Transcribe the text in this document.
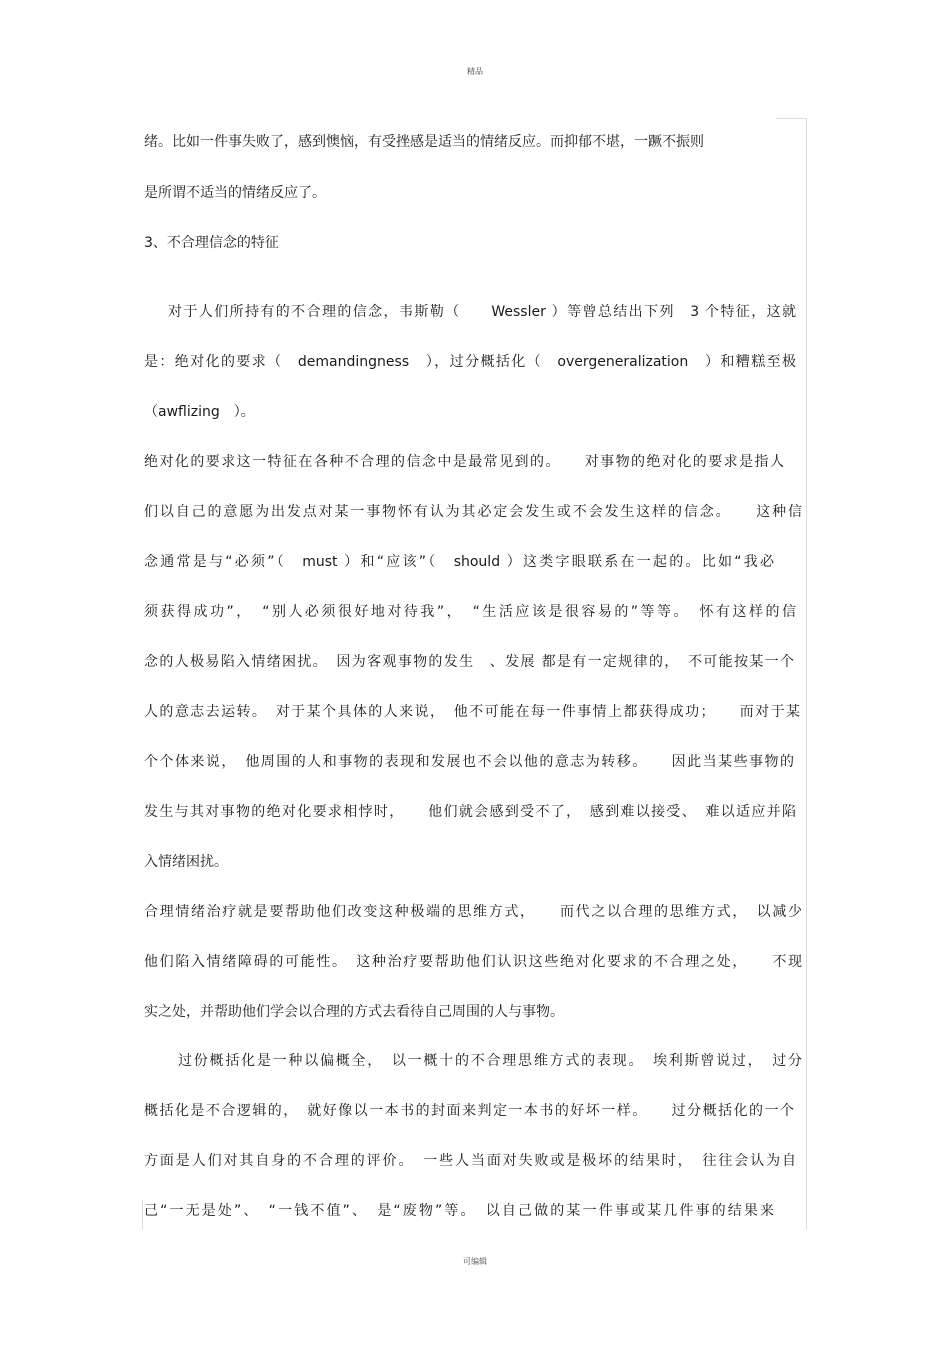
精品
绪。比如一件事失败了，感到懊恼，有受挫感是适当的情绪反应。而抑郁不堪，一蹶不振则
是所谓不适当的情绪反应了。
3、不合理信念的特征
对于人们所持有的不合理的信念，韦斯勒（　　Wessler ）等曾总结出下列　3 个特征，这就
是：绝对化的要求（　demandingness　），过分概括化（　overgeneralization　）和糟糕至极
（awflizing　）。
绝对化的要求这一特征在各种不合理的信念中是最常见到的。　　对事物的绝对化的要求是指人
们以自己的意愿为出发点对某一事物怀有认为其必定会发生或不会发生这样的信念。　　这种信
念通常是与“必须”（　must ）和“应该”（　should ）这类字眼联系在一起的。比如“我必
须获得成功”，　“别人必须很好地对待我”，　“生活应该是很容易的”等等。　怀有这样的信
念的人极易陷入情绪困扰。　因为客观事物的发生　、发展 都是有一定规律的，　不可能按某一个
人的意志去运转。　对于某个具体的人来说，　他不可能在每一件事情上都获得成功；　　而对于某
个个体来说，　他周围的人和事物的表现和发展也不会以他的意志为转移。　　因此当某些事物的
发生与其对事物的绝对化要求相悖时，　　他们就会感到受不了，　感到难以接受、　难以适应并陷
入情绪困扰。
合理情绪治疗就是要帮助他们改变这种极端的思维方式，　　而代之以合理的思维方式，　以减少
他们陷入情绪障碍的可能性。　这种治疗要帮助他们认识这些绝对化要求的不合理之处，　　不现
实之处，并帮助他们学会以合理的方式去看待自己周围的人与事物。
过份概括化是一种以偏概全，　以一概十的不合理思维方式的表现。　埃利斯曾说过，　过分
概括化是不合逻辑的，　就好像以一本书的封面来判定一本书的好坏一样。　　过分概括化的一个
方面是人们对其自身的不合理的评价。　一些人当面对失败或是极坏的结果时，　往往会认为自
己“一无是处”、　“一钱不值”、　是“废物”等。　以自己做的某一件事或某几件事的结果来
可编辑
